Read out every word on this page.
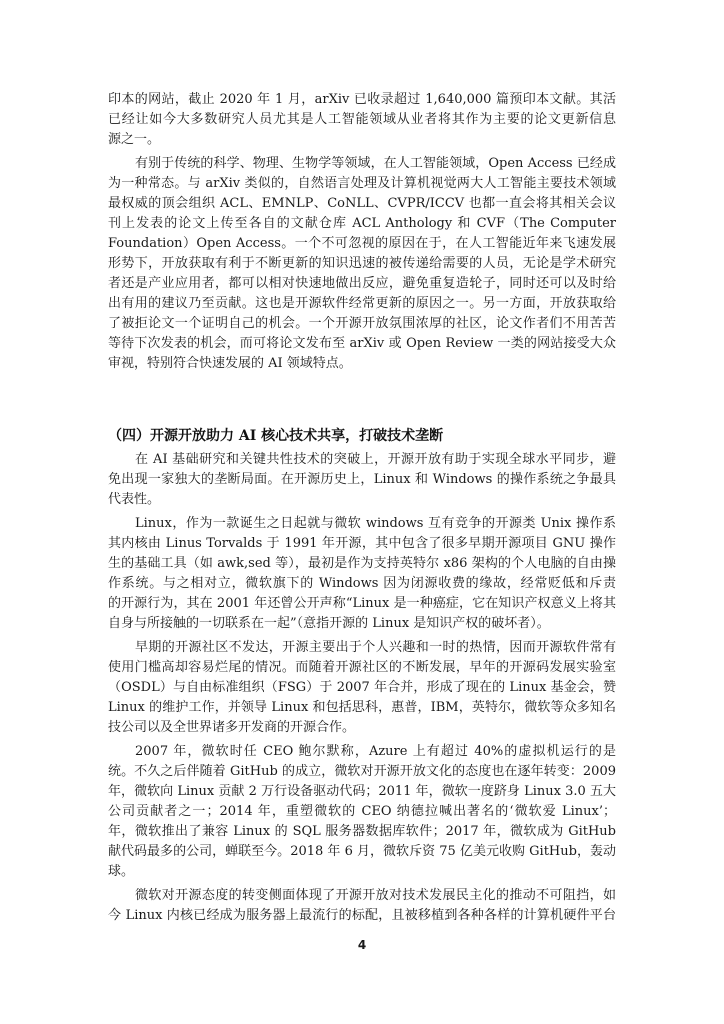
印本的网站，截止 2020 年 1 月，arXiv 已收录超过 1,640,000 篇预印本文献。其活
已经让如今大多数研究人员尤其是人工智能领域从业者将其作为主要的论文更新信息
源之一。
有别于传统的科学、物理、生物学等领域，在人工智能领域，Open Access 已经成
为一种常态。与 arXiv 类似的，自然语言处理及计算机视觉两大人工智能主要技术领域
最权威的顶会组织 ACL、EMNLP、CoNLL、CVPR/ICCV 也都一直会将其相关会议
刊上发表的论文上传至各自的文献仓库 ACL Anthology 和 CVF（The Computer
Foundation）Open Access。一个不可忽视的原因在于，在人工智能近年来飞速发展
形势下，开放获取有利于不断更新的知识迅速的被传递给需要的人员，无论是学术研究
者还是产业应用者，都可以相对快速地做出反应，避免重复造轮子，同时还可以及时给
出有用的建议乃至贡献。这也是开源软件经常更新的原因之一。另一方面，开放获取给
了被拒论文一个证明自己的机会。一个开源开放氛围浓厚的社区，论文作者们不用苦苦
等待下次发表的机会，而可将论文发布至 arXiv 或 Open Review 一类的网站接受大众
审视，特别符合快速发展的 AI 领域特点。
（四）开源开放助力 AI 核心技术共享，打破技术垄断
在 AI 基础研究和关键共性技术的突破上，开源开放有助于实现全球水平同步，避
免出现一家独大的垄断局面。在开源历史上，Linux 和 Windows 的操作系统之争最具
代表性。
Linux，作为一款诞生之日起就与微软 windows 互有竞争的开源类 Unix 操作系
其内核由 Linus Torvalds 于 1991 年开源，其中包含了很多早期开源项目 GNU 操作
生的基础工具（如 awk,sed 等），最初是作为支持英特尔 x86 架构的个人电脑的自由操
作系统。与之相对立，微软旗下的 Windows 因为闭源收费的缘故，经常贬低和斥责
的开源行为，其在 2001 年还曾公开声称“Linux 是一种癌症，它在知识产权意义上将其
自身与所接触的一切联系在一起”（意指开源的 Linux 是知识产权的破坏者）。
早期的开源社区不发达，开源主要出于个人兴趣和一时的热情，因而开源软件常有
使用门槛高却容易烂尾的情况。而随着开源社区的不断发展，早年的开源码发展实验室
（OSDL）与自由标准组织（FSG）于 2007 年合并，形成了现在的 Linux 基金会，赞
Linux 的维护工作，并领导 Linux 和包括思科，惠普，IBM，英特尔，微软等众多知名
技公司以及全世界诸多开发商的开源合作。
2007 年，微软时任 CEO 鲍尔默称，Azure 上有超过 40%的虚拟机运行的是
统。不久之后伴随着 GitHub 的成立，微软对开源开放文化的态度也在逐年转变：2009
年，微软向 Linux 贡献 2 万行设备驱动代码；2011 年，微软一度跻身 Linux 3.0 五大
公司贡献者之一；2014 年，重塑微软的 CEO 纳德拉喊出著名的‘微软爱 Linux’；
年，微软推出了兼容 Linux 的 SQL 服务器数据库软件；2017 年，微软成为 GitHub
献代码最多的公司，蝉联至今。2018 年 6 月，微软斥资 75 亿美元收购 GitHub，轰动
球。
微软对开源态度的转变侧面体现了开源开放对技术发展民主化的推动不可阻挡，如
今 Linux 内核已经成为服务器上最流行的标配，且被移植到各种各样的计算机硬件平台
4
